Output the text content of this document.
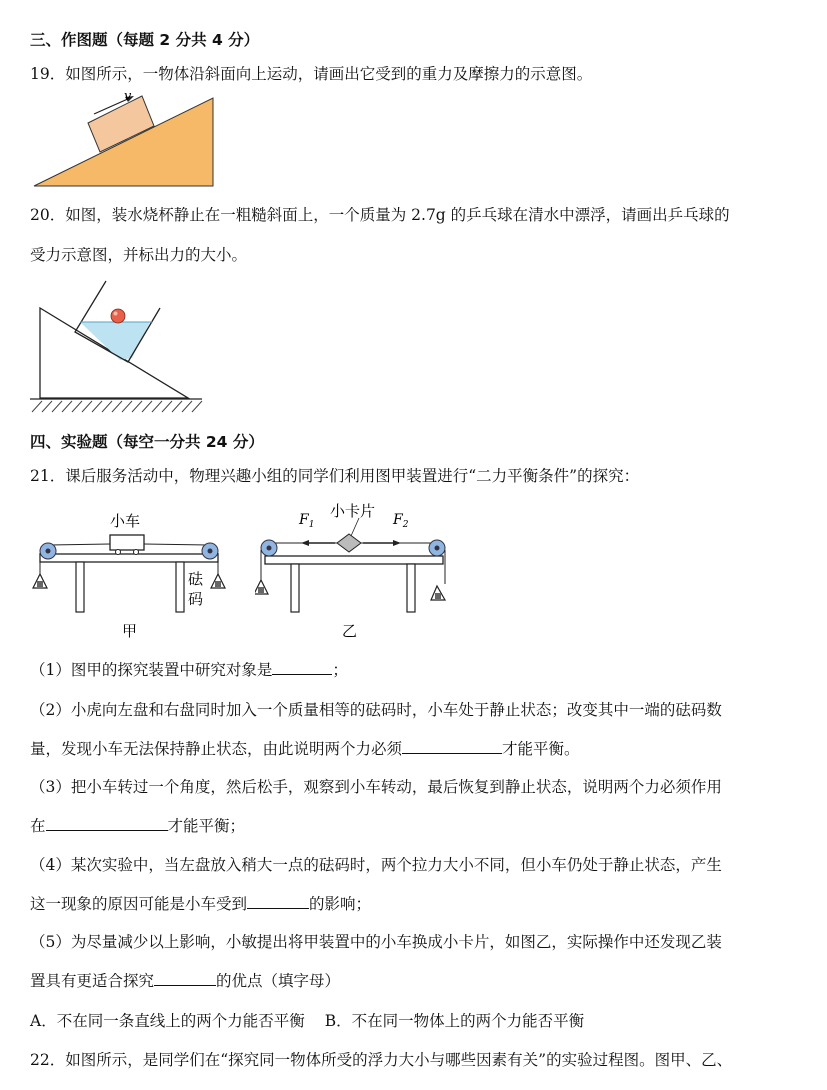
三、作图题（每题 2 分共 4 分）
19．如图所示，一物体沿斜面向上运动，请画出它受到的重力及摩擦力的示意图。
v
20．如图，装水烧杯静止在一粗糙斜面上，一个质量为 2.7g 的乒乓球在清水中漂浮，请画出乒乓球的
受力示意图，并标出力的大小。
四、实验题（每空一分共 24 分）
21．课后服务活动中，物理兴趣小组的同学们利用图甲装置进行“二力平衡条件”的探究：
小车
砝
码
甲
$F_1$
小卡片 $F_2$
乙
（1）图甲的探究装置中研究对象是	；
（2）小虎向左盘和右盘同时加入一个质量相等的砝码时，小车处于静止状态；改变其中一端的砝码数
量，发现小车无法保持静止状态，由此说明两个力必须	才能平衡。
（3）把小车转过一个角度，然后松手，观察到小车转动，最后恢复到静止状态，说明两个力必须作用
在	才能平衡；
（4）某次实验中，当左盘放入稍大一点的砝码时，两个拉力大小不同，但小车仍处于静止状态，产生
这一现象的原因可能是小车受到	的影响；
（5）为尽量减少以上影响，小敏提出将甲装置中的小车换成小卡片，如图乙，实际操作中还发现乙装
置具有更适合探究	的优点（填字母）
A．不在同一条直线上的两个力能否平衡 B．不在同一物体上的两个力能否平衡
22．如图所示，是同学们在“探究同一物体所受的浮力大小与哪些因素有关”的实验过程图。图甲、乙、
